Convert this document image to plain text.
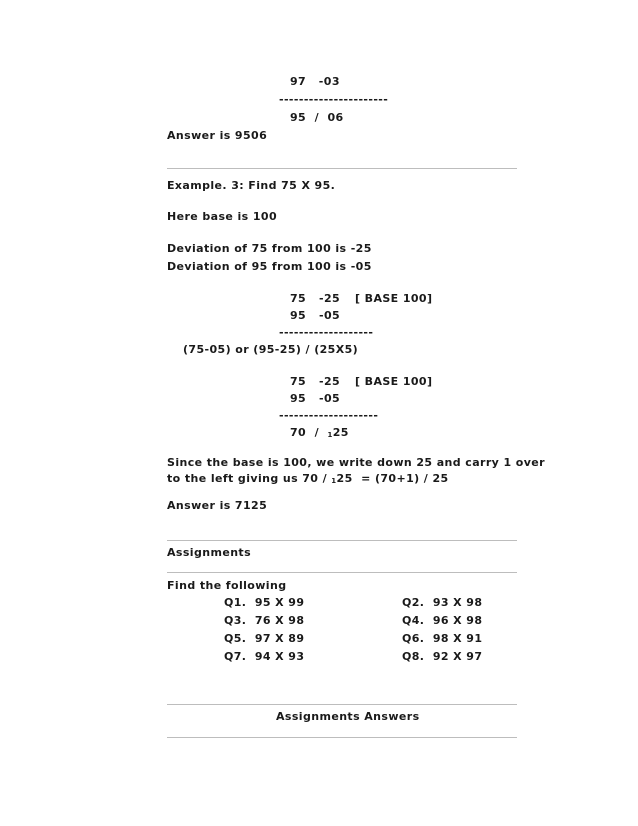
97   -03
----------------------
95  /  06
Answer is 9506
Example. 3: Find 75 X 95.
Here base is 100
Deviation of 75 from 100 is -25
Deviation of 95 from 100 is -05
75 -25 [ BASE 100]
95 -05
-------------------
(75-05) or (95-25) / (25X5)
75 -25 [ BASE 100]
95 -05
--------------------
70  /  $_1$25
Since the base is 100, we write down 25 and carry 1 over
to the left giving us 70 / $_1$25  = (70+1) / 25
Answer is 7125
Assignments
Find the following
Q1.  95 X 99	Q2.  93 X 98
Q3.  76 X 98	Q4.  96 X 98
Q5.  97 X 89	Q6.  98 X 91
Q7.  94 X 93	Q8.  92 X 97
Assignments Answers
